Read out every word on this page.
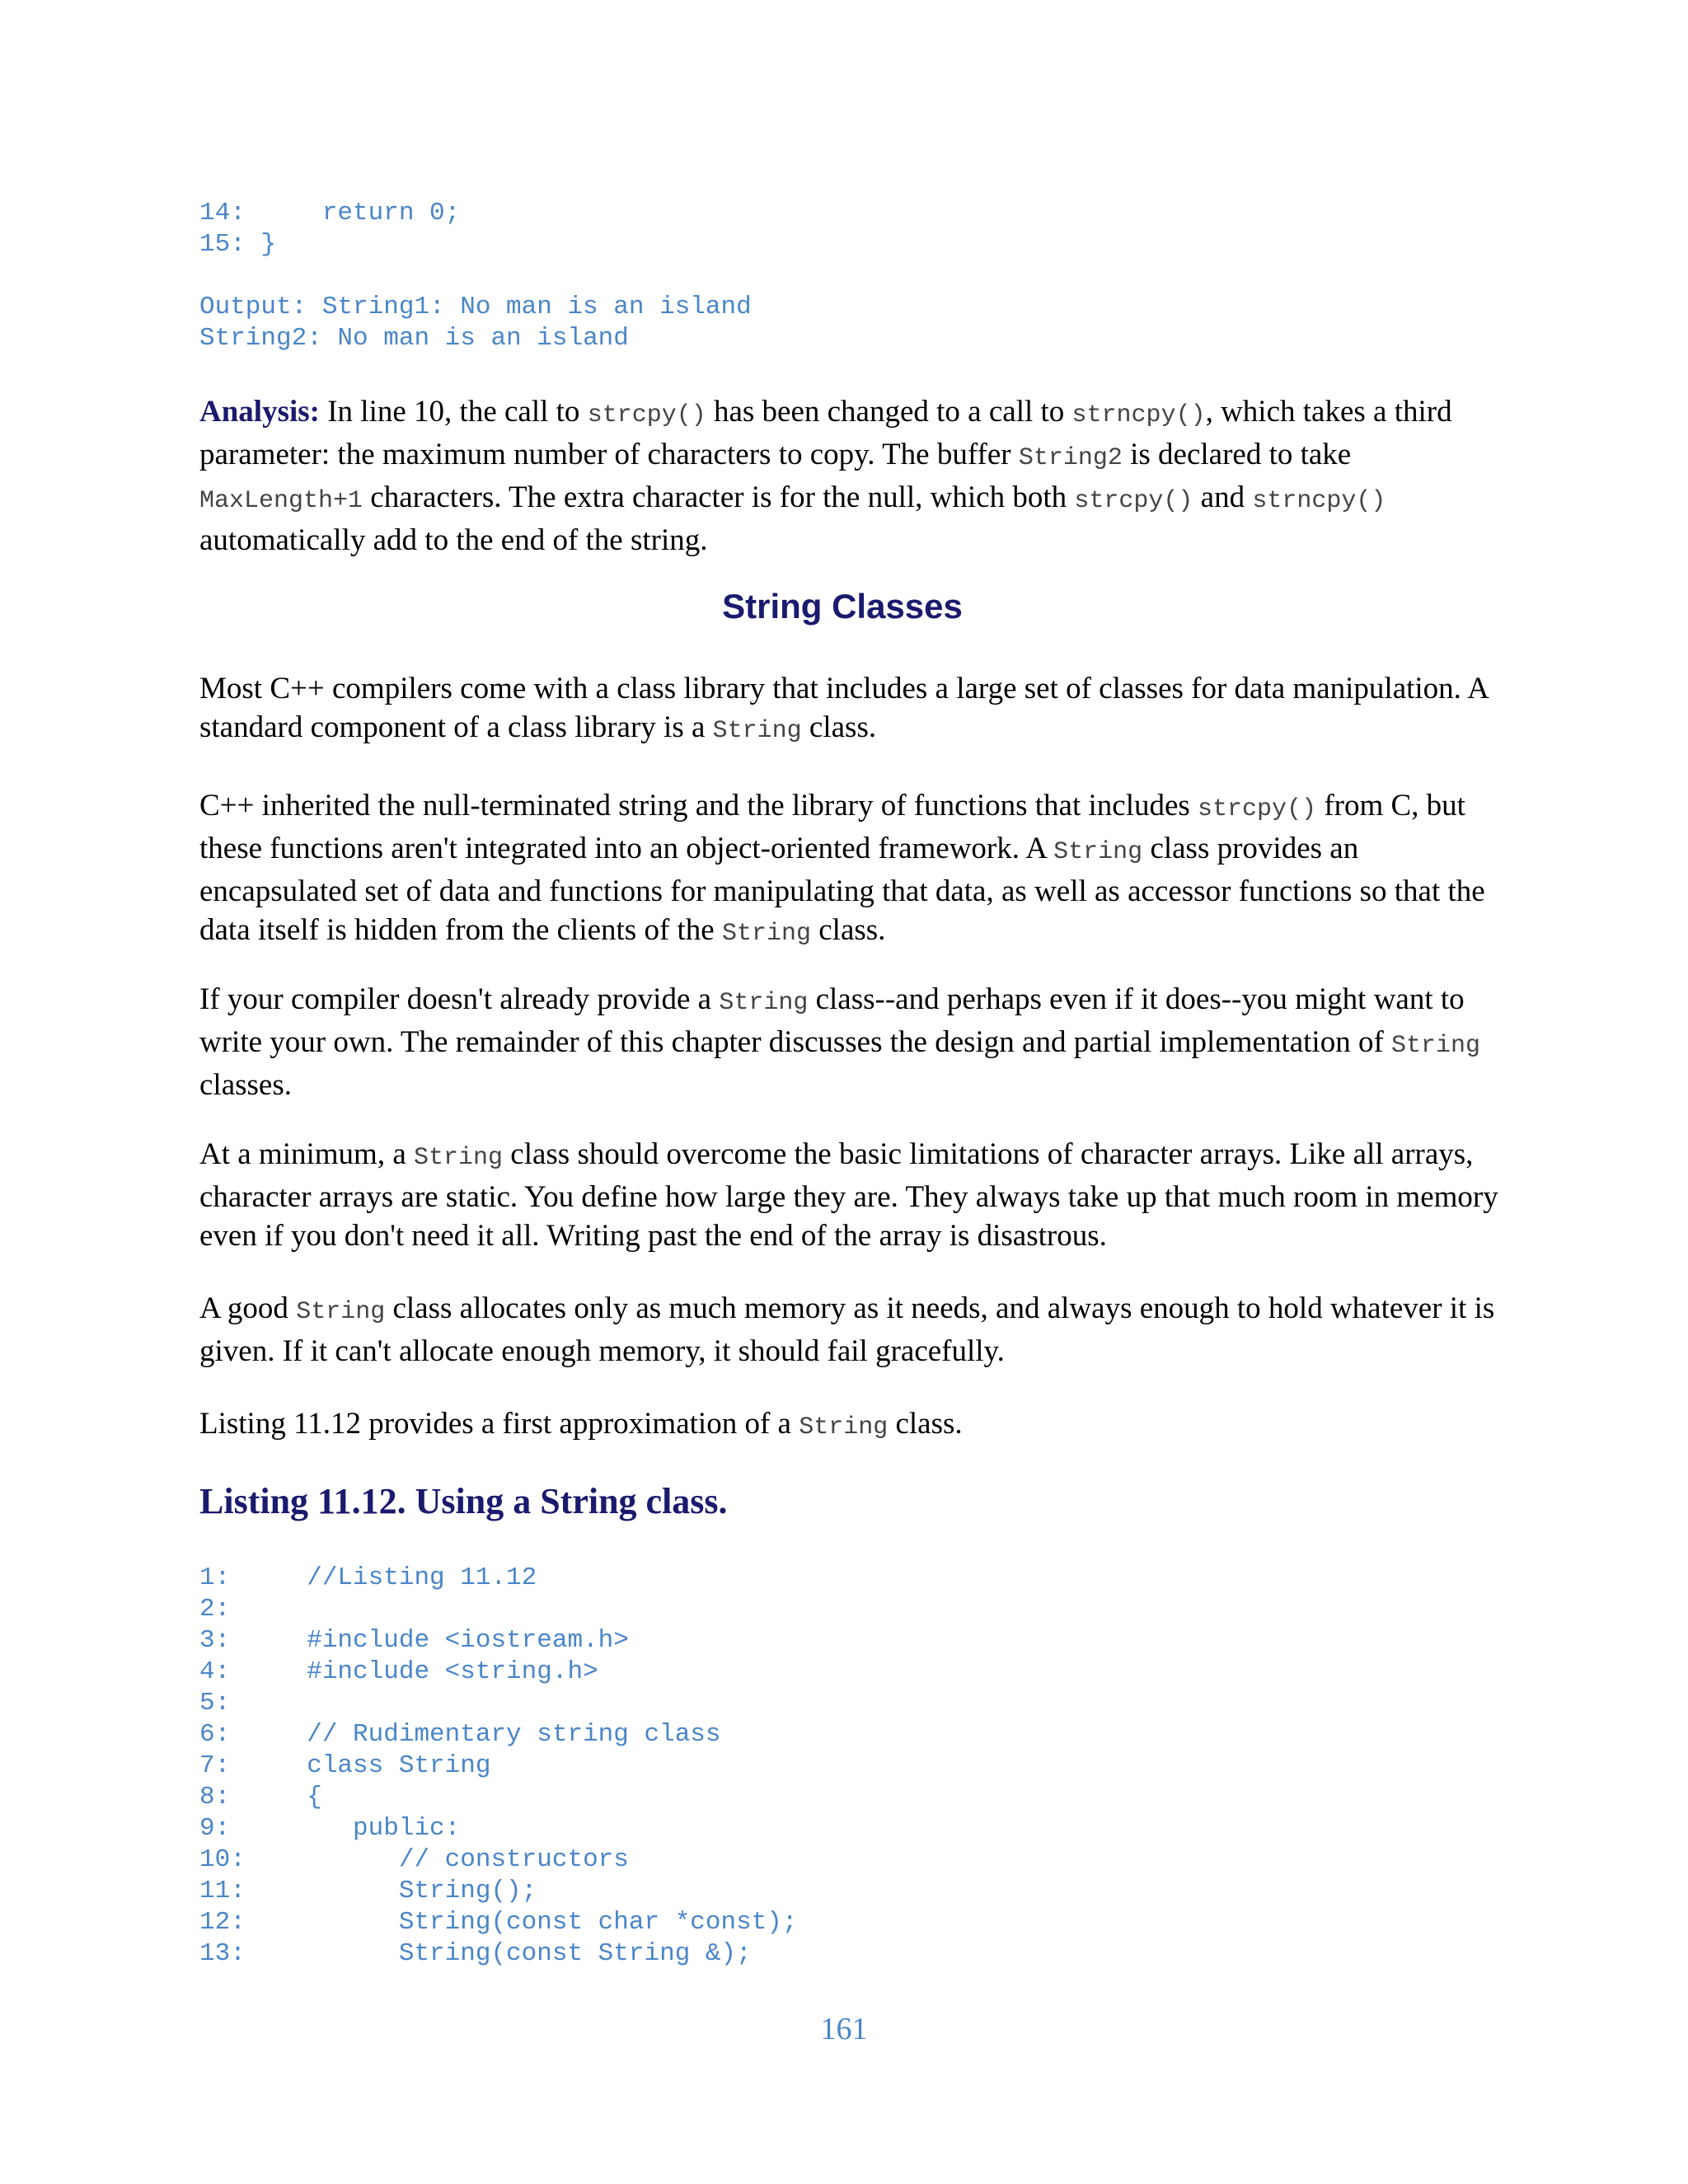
14:     return 0;
15: }
Output: String1: No man is an island
String2: No man is an island

Analysis: In line 10, the call to strcpy() has been changed to a call to strncpy(), which takes a third parameter: the maximum number of characters to copy. The buffer String2 is declared to take MaxLength+1 characters. The extra character is for the null, which both strcpy() and strncpy() automatically add to the end of the string.

String Classes

Most C++ compilers come with a class library that includes a large set of classes for data manipulation. A standard component of a class library is a String class.

C++ inherited the null-terminated string and the library of functions that includes strcpy() from C, but these functions aren't integrated into an object-oriented framework. A String class provides an encapsulated set of data and functions for manipulating that data, as well as accessor functions so that the data itself is hidden from the clients of the String class.

If your compiler doesn't already provide a String class--and perhaps even if it does--you might want to write your own. The remainder of this chapter discusses the design and partial implementation of String classes.

At a minimum, a String class should overcome the basic limitations of character arrays. Like all arrays, character arrays are static. You define how large they are. They always take up that much room in memory even if you don't need it all. Writing past the end of the array is disastrous.

A good String class allocates only as much memory as it needs, and always enough to hold whatever it is given. If it can't allocate enough memory, it should fail gracefully.

Listing 11.12 provides a first approximation of a String class.

Listing 11.12. Using a String class.
1:     //Listing 11.12
2:
3:     #include <iostream.h>
4:     #include <string.h>
5:
6:     // Rudimentary string class
7:     class String
8:     {
9:        public:
10:          // constructors
11:          String();
12:          String(const char *const);
13:          String(const String &);
161
